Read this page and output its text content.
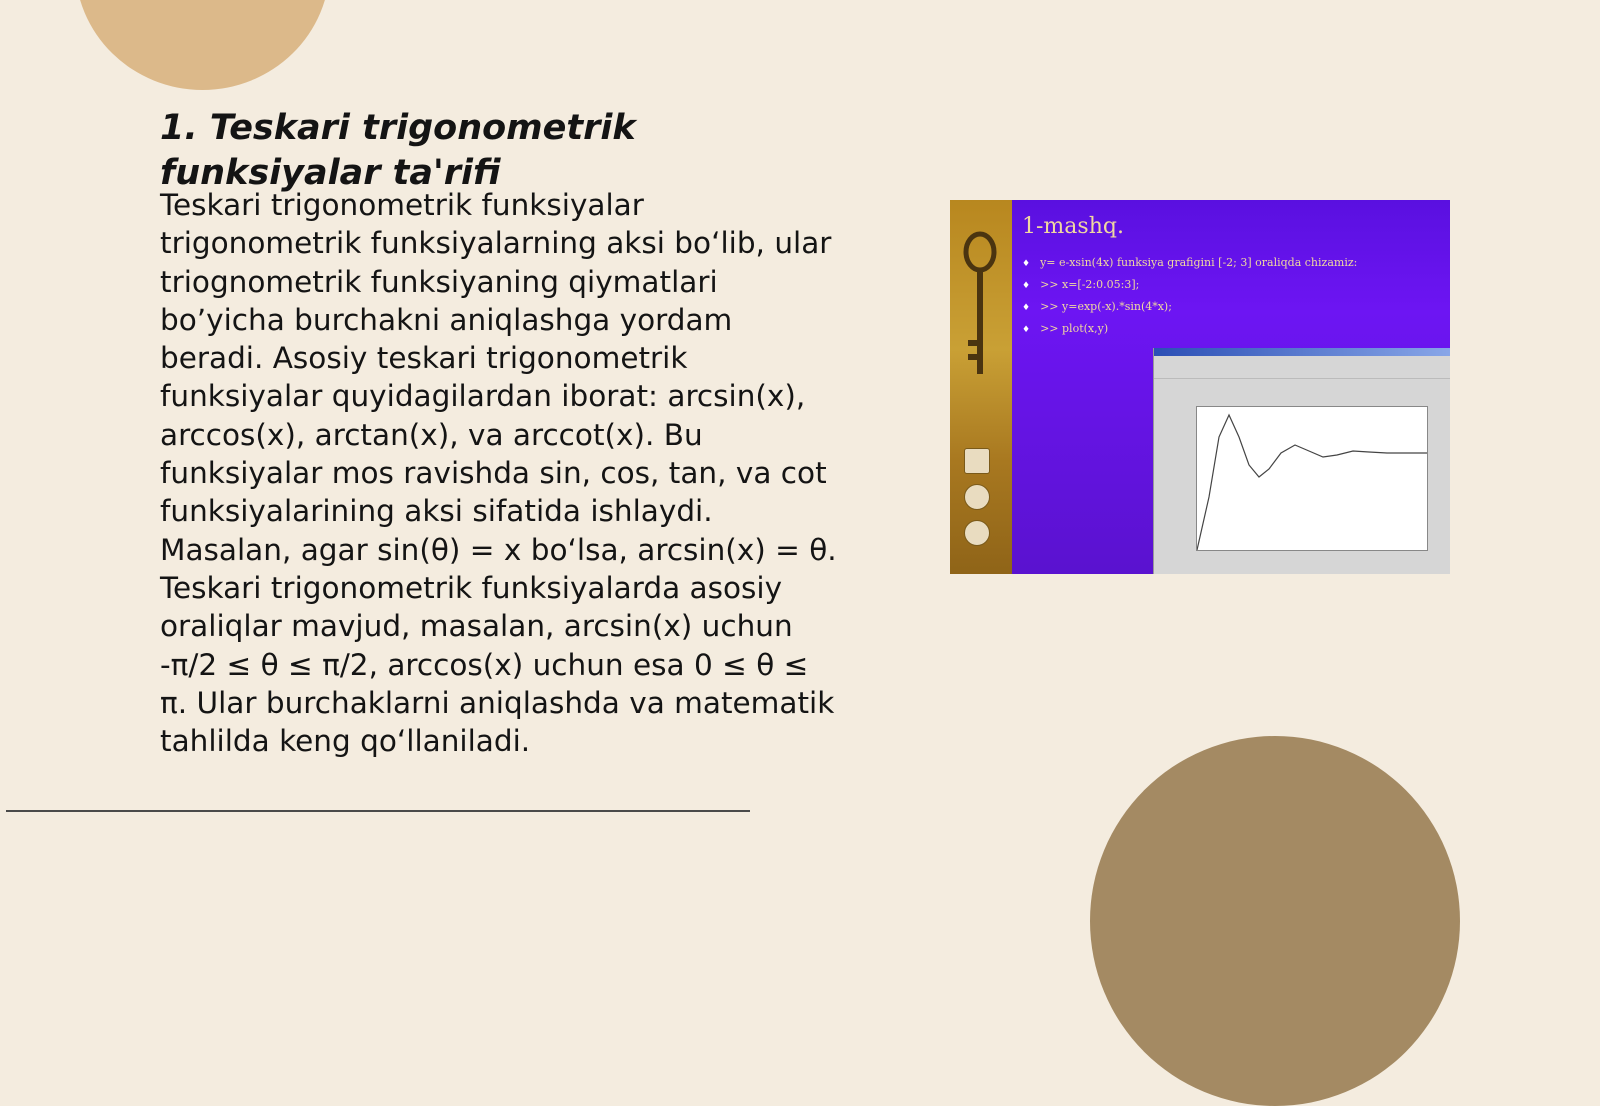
1. Teskari trigonometrik funksiyalar ta'rifi

Teskari trigonometrik funksiyalar trigonometrik funksiyalarning aksi bo‘lib, ular triognometrik funksiyaning qiymatlari bo’yicha burchakni aniqlashga yordam beradi. Asosiy teskari trigonometrik funksiyalar quyidagilardan iborat: arcsin(x), arccos(x), arctan(x), va arccot(x). Bu funksiyalar mos ravishda sin, cos, tan, va cot funksiyalarining aksi sifatida ishlaydi. Masalan, agar sin(θ) = x bo‘lsa, arcsin(x) = θ. Teskari trigonometrik funksiyalarda asosiy oraliqlar mavjud, masalan, arcsin(x) uchun -π/2 ≤ θ ≤ π/2, arccos(x) uchun esa 0 ≤ θ ≤ π. Ular burchaklarni aniqlashda va matematik tahlilda keng qo‘llaniladi.

1-mashq.
♦ y= e-xsin(4x) funksiya grafigini [-2; 3] oraliqda chizamiz:
♦ >> x=[-2:0.05:3];
♦ >> y=exp(-x).*sin(4*x);
♦ >> plot(x,y)
